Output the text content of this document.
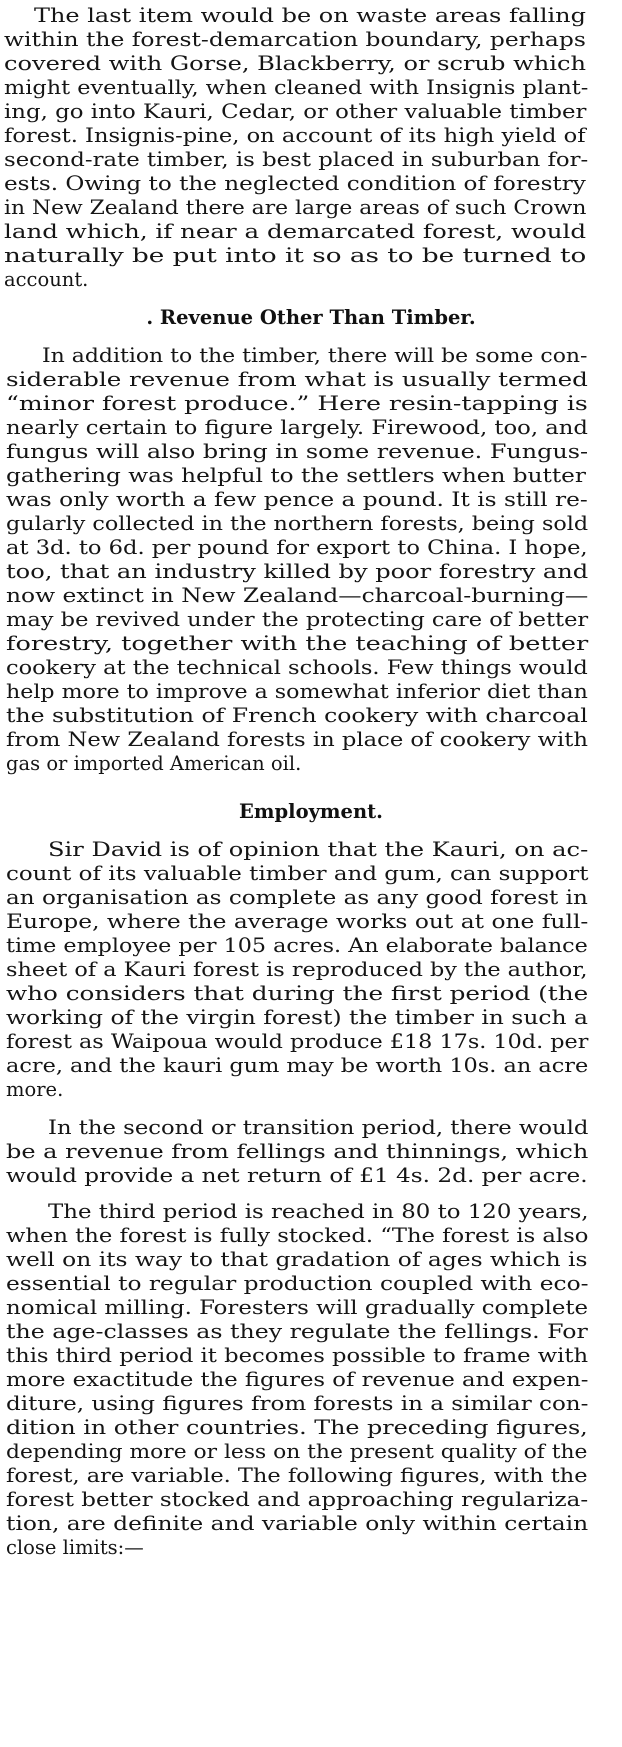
The last item would be on waste areas falling
within the forest-demarcation boundary, perhaps
covered with Gorse, Blackberry, or scrub which
might eventually, when cleaned with Insignis plant-
ing, go into Kauri, Cedar, or other valuable timber
forest. Insignis-pine, on account of its high yield of
second-rate timber, is best placed in suburban for-
ests. Owing to the neglected condition of forestry
in New Zealand there are large areas of such Crown
land which, if near a demarcated forest, would
naturally be put into it so as to be turned to
account.
. Revenue Other Than Timber.
In addition to the timber, there will be some con-
siderable revenue from what is usually termed
“minor forest produce.” Here resin-tapping is
nearly certain to figure largely. Firewood, too, and
fungus will also bring in some revenue. Fungus-
gathering was helpful to the settlers when butter
was only worth a few pence a pound. It is still re-
gularly collected in the northern forests, being sold
at 3d. to 6d. per pound for export to China. I hope,
too, that an industry killed by poor forestry and
now extinct in New Zealand—charcoal-burning—
may be revived under the protecting care of better
forestry, together with the teaching of better
cookery at the technical schools. Few things would
help more to improve a somewhat inferior diet than
the substitution of French cookery with charcoal
from New Zealand forests in place of cookery with
gas or imported American oil.
Employment.
Sir David is of opinion that the Kauri, on ac-
count of its valuable timber and gum, can support
an organisation as complete as any good forest in
Europe, where the average works out at one full-
time employee per 105 acres. An elaborate balance
sheet of a Kauri forest is reproduced by the author,
who considers that during the first period (the
working of the virgin forest) the timber in such a
forest as Waipoua would produce £18 17s. 10d. per
acre, and the kauri gum may be worth 10s. an acre
more.
In the second or transition period, there would
be a revenue from fellings and thinnings, which
would provide a net return of £1 4s. 2d. per acre.
The third period is reached in 80 to 120 years,
when the forest is fully stocked. “The forest is also
well on its way to that gradation of ages which is
essential to regular production coupled with eco-
nomical milling. Foresters will gradually complete
the age-classes as they regulate the fellings. For
this third period it becomes possible to frame with
more exactitude the figures of revenue and expen-
diture, using figures from forests in a similar con-
dition in other countries. The preceding figures,
depending more or less on the present quality of the
forest, are variable. The following figures, with the
forest better stocked and approaching regulariza-
tion, are definite and variable only within certain
close limits:—
